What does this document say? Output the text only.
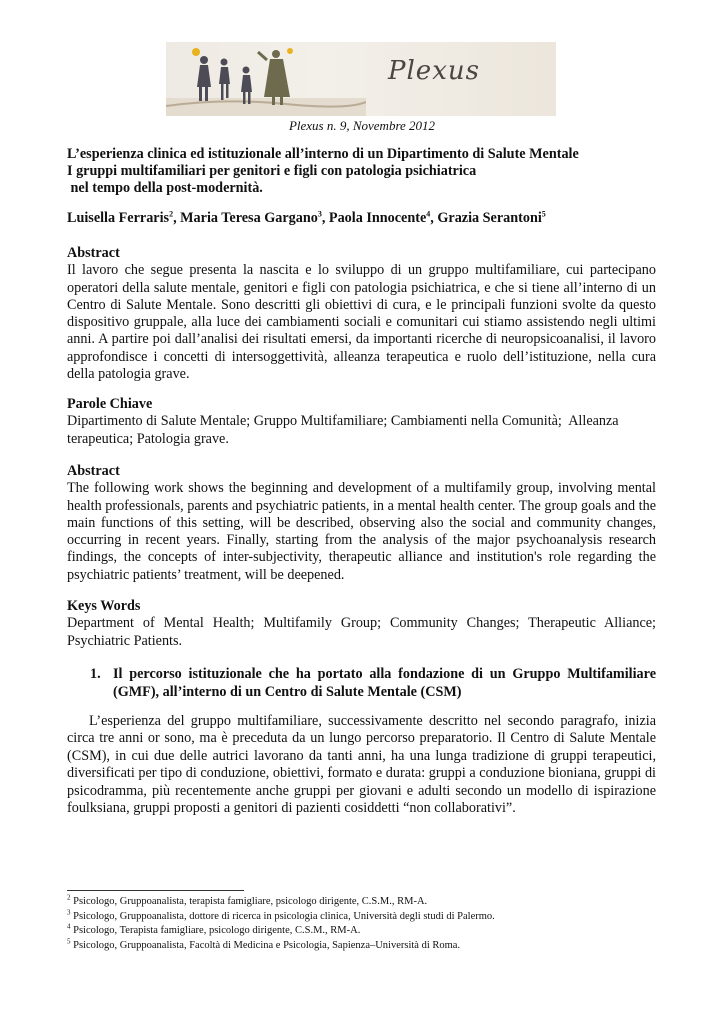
Plexus
Plexus n. 9, Novembre 2012
L’esperienza clinica ed istituzionale all’interno di un Dipartimento di Salute Mentale
I gruppi multifamiliari per genitori e figli con patologia psichiatrica
nel tempo della post-modernità.
Luisella Ferraris$^2$, Maria Teresa Gargano$^3$, Paola Innocente$^4$, Grazia Serantoni$^5$
Abstract

Il lavoro che segue presenta la nascita e lo sviluppo di un gruppo multifamiliare, cui partecipano operatori della salute mentale, genitori e figli con patologia psichiatrica, e che si tiene all’interno di un Centro di Salute Mentale. Sono descritti gli obiettivi di cura, e le principali funzioni svolte da questo dispositivo gruppale, alla luce dei cambiamenti sociali e comunitari cui stiamo assistendo negli ultimi anni. A partire poi dall’analisi dei risultati emersi, da importanti ricerche di neuropsicoanalisi, il lavoro approfondisce i concetti di intersoggettività, alleanza terapeutica e ruolo dell’istituzione, nella cura della patologia grave.

Parole Chiave

Dipartimento di Salute Mentale; Gruppo Multifamiliare; Cambiamenti nella Comunità;  Alleanza terapeutica; Patologia grave.

Abstract

The following work shows the beginning and development of a multifamily group, involving mental health professionals, parents and psychiatric patients, in a mental health center. The group goals and the main functions of this setting, will be described, observing also the social and community changes, occurring in recent years. Finally, starting from the analysis of the major psychoanalysis research findings, the concepts of inter-subjectivity, therapeutic alliance and institution's role regarding the psychiatric patients’ treatment, will be deepened.

Keys Words

Department of Mental Health; Multifamily Group; Community Changes; Therapeutic Alliance; Psychiatric Patients.

1. Il percorso istituzionale che ha portato alla fondazione di un Gruppo Multifamiliare (GMF), all’interno di un Centro di Salute Mentale (CSM)
L’esperienza del gruppo multifamiliare, successivamente descritto nel secondo paragrafo, inizia circa tre anni or sono, ma è preceduta da un lungo percorso preparatorio. Il Centro di Salute Mentale (CSM), in cui due delle autrici lavorano da tanti anni, ha una lunga tradizione di gruppi terapeutici, diversificati per tipo di conduzione, obiettivi, formato e durata: gruppi a conduzione bioniana, gruppi di psicodramma, più recentemente anche gruppi per giovani e adulti secondo un modello di ispirazione foulksiana, gruppi proposti a genitori di pazienti cosiddetti “non collaborativi”.
$^2$ Psicologo, Gruppoanalista, terapista famigliare, psicologo dirigente, C.S.M., RM-A.
$^3$ Psicologo, Gruppoanalista, dottore di ricerca in psicologia clinica, Università degli studi di Palermo.
$^4$ Psicologo, Terapista famigliare, psicologo dirigente, C.S.M., RM-A.
$^5$ Psicologo, Gruppoanalista, Facoltà di Medicina e Psicologia, Sapienza–Università di Roma.
